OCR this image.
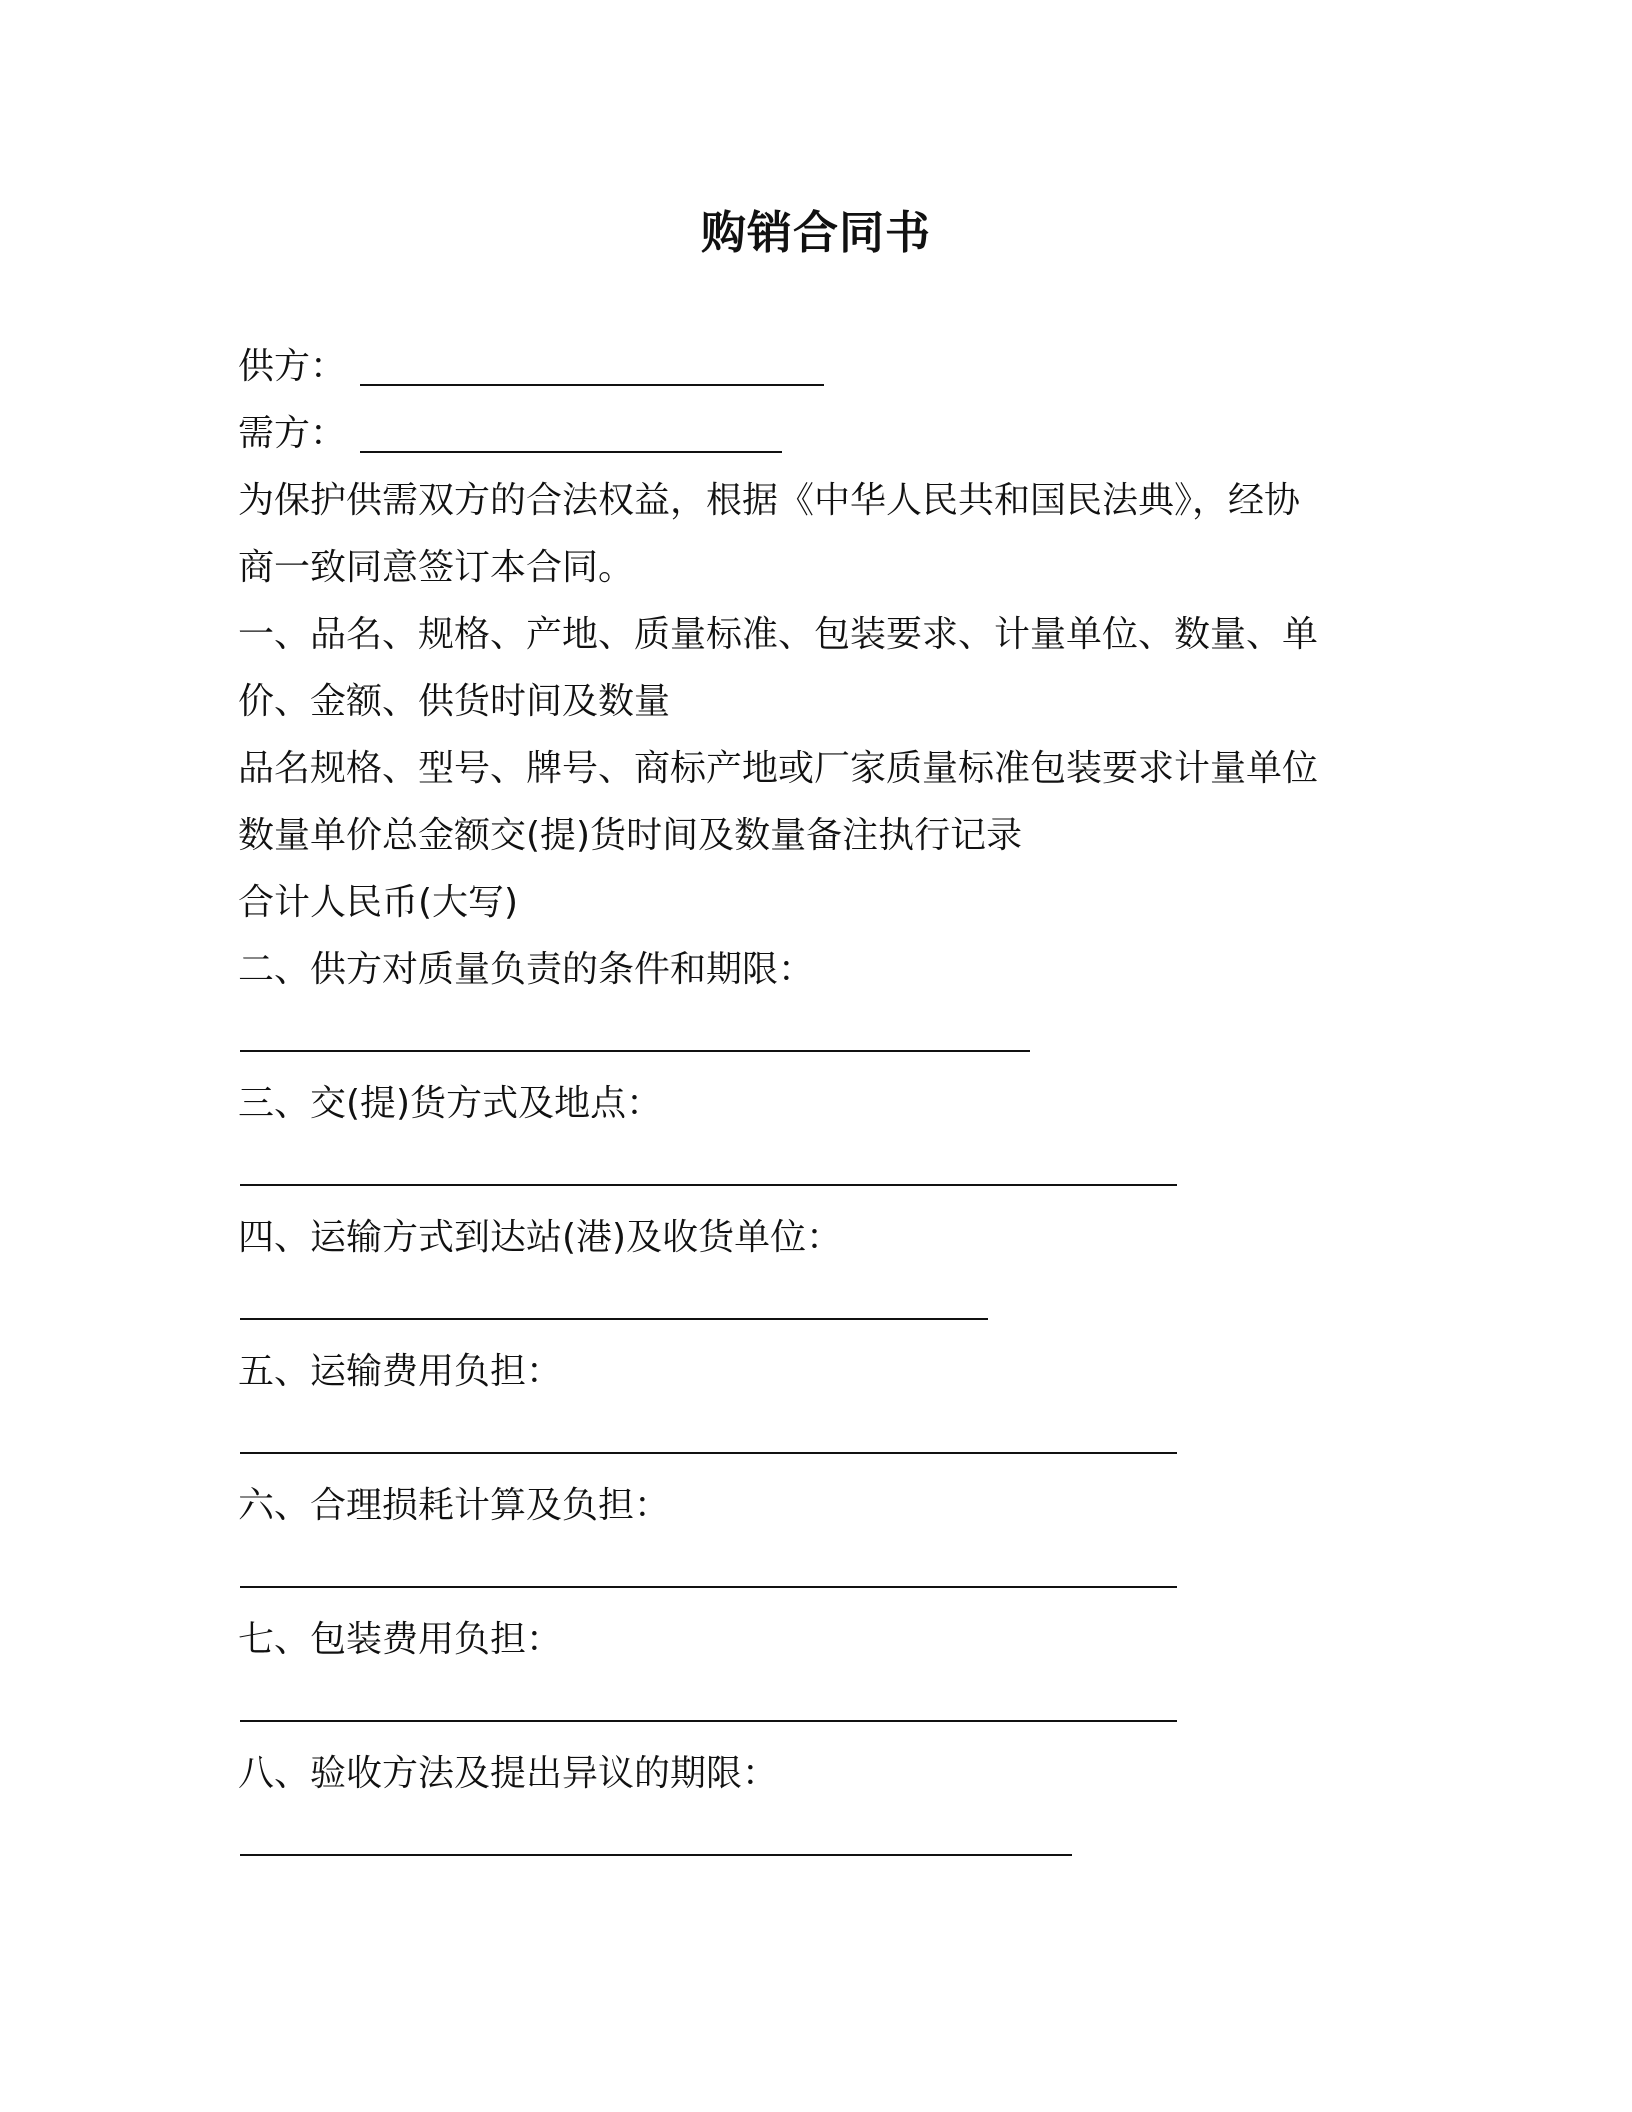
购销合同书
供方：
需方：
为保护供需双方的合法权益，根据《中华人民共和国民法典》，经协
商一致同意签订本合同。
一、品名、规格、产地、质量标准、包装要求、计量单位、数量、单
价、金额、供货时间及数量
品名规格、型号、牌号、商标产地或厂家质量标准包装要求计量单位
数量单价总金额交(提)货时间及数量备注执行记录
合计人民币(大写)
二、供方对质量负责的条件和期限：
三、交(提)货方式及地点：
四、运输方式到达站(港)及收货单位：
五、运输费用负担：
六、合理损耗计算及负担：
七、包装费用负担：
八、验收方法及提出异议的期限：
